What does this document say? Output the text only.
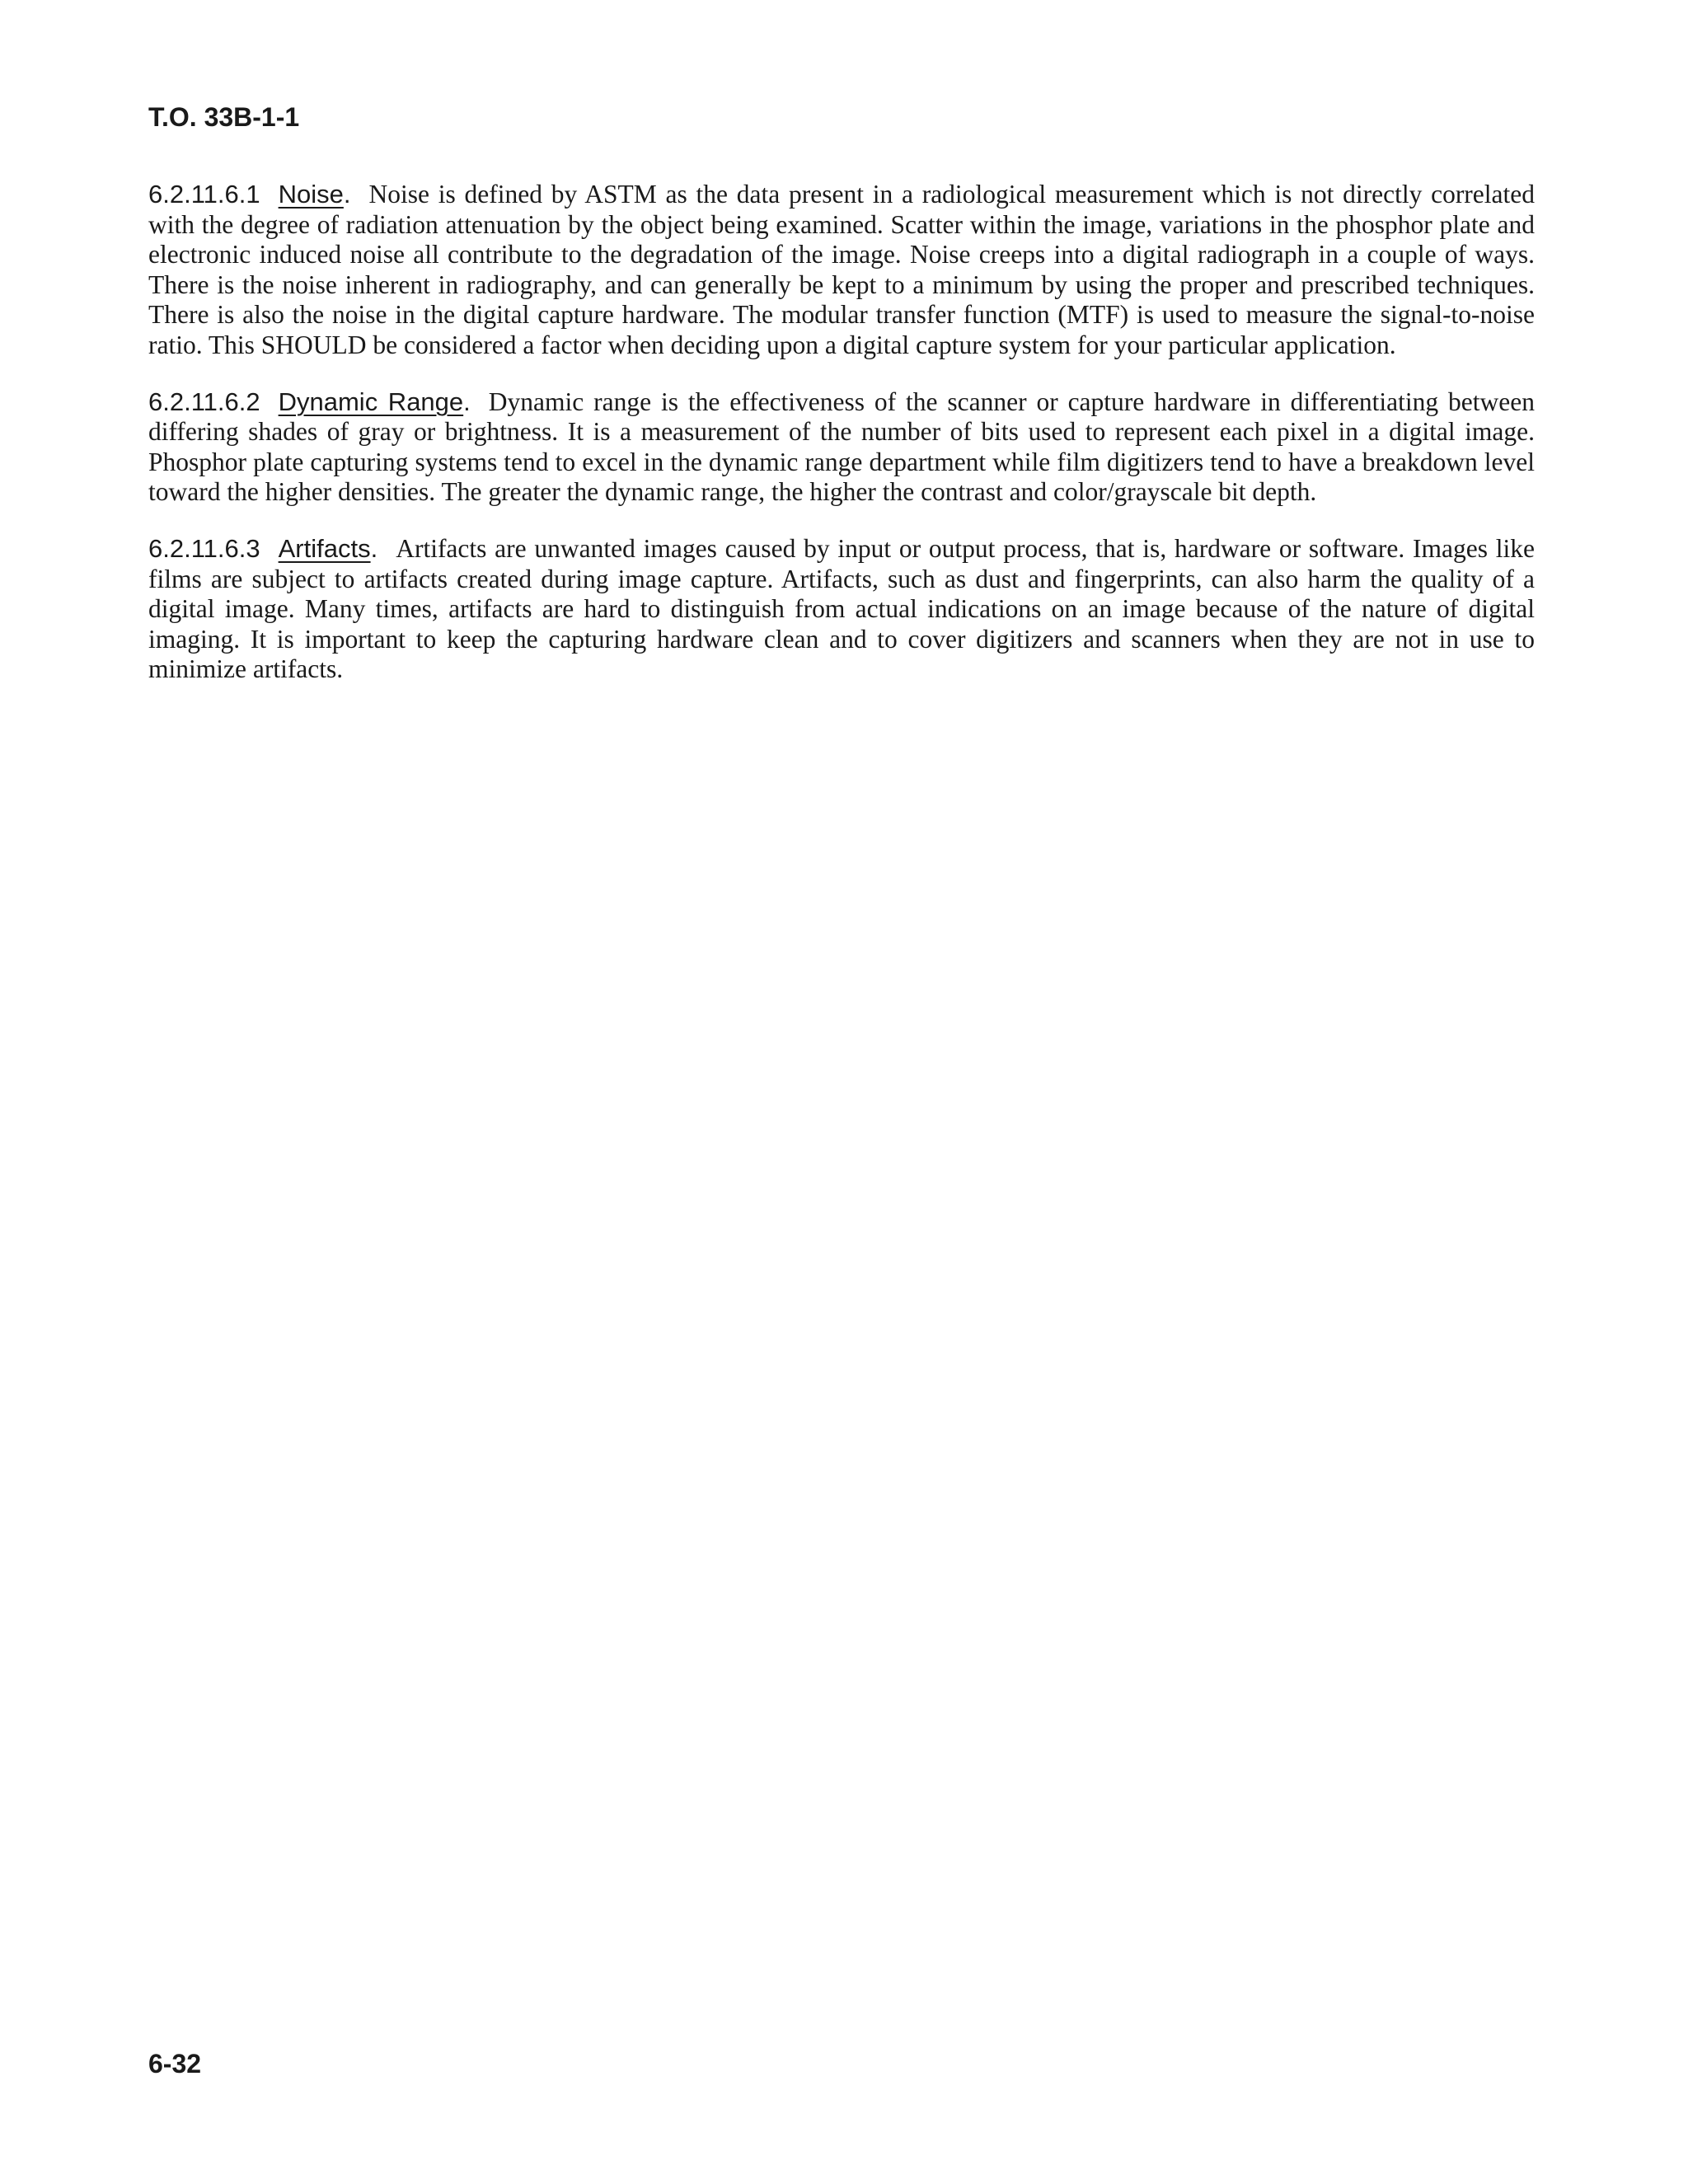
T.O. 33B-1-1

6.2.11.6.1 Noise. Noise is defined by ASTM as the data present in a radiological measurement which is not directly correlated with the degree of radiation attenuation by the object being examined. Scatter within the image, variations in the phosphor plate and electronic induced noise all contribute to the degradation of the image. Noise creeps into a digital radiograph in a couple of ways. There is the noise inherent in radiography, and can generally be kept to a minimum by using the proper and prescribed techniques. There is also the noise in the digital capture hardware. The modular transfer function (MTF) is used to measure the signal-to-noise ratio. This SHOULD be considered a factor when deciding upon a digital capture system for your particular application.

6.2.11.6.2 Dynamic Range. Dynamic range is the effectiveness of the scanner or capture hardware in differentiating between differing shades of gray or brightness. It is a measurement of the number of bits used to represent each pixel in a digital image. Phosphor plate capturing systems tend to excel in the dynamic range department while film digitizers tend to have a breakdown level toward the higher densities. The greater the dynamic range, the higher the contrast and color/grayscale bit depth.

6.2.11.6.3 Artifacts. Artifacts are unwanted images caused by input or output process, that is, hardware or software. Images like films are subject to artifacts created during image capture. Artifacts, such as dust and fingerprints, can also harm the quality of a digital image. Many times, artifacts are hard to distinguish from actual indications on an image because of the nature of digital imaging. It is important to keep the capturing hardware clean and to cover digitizers and scanners when they are not in use to minimize artifacts.

6-32
